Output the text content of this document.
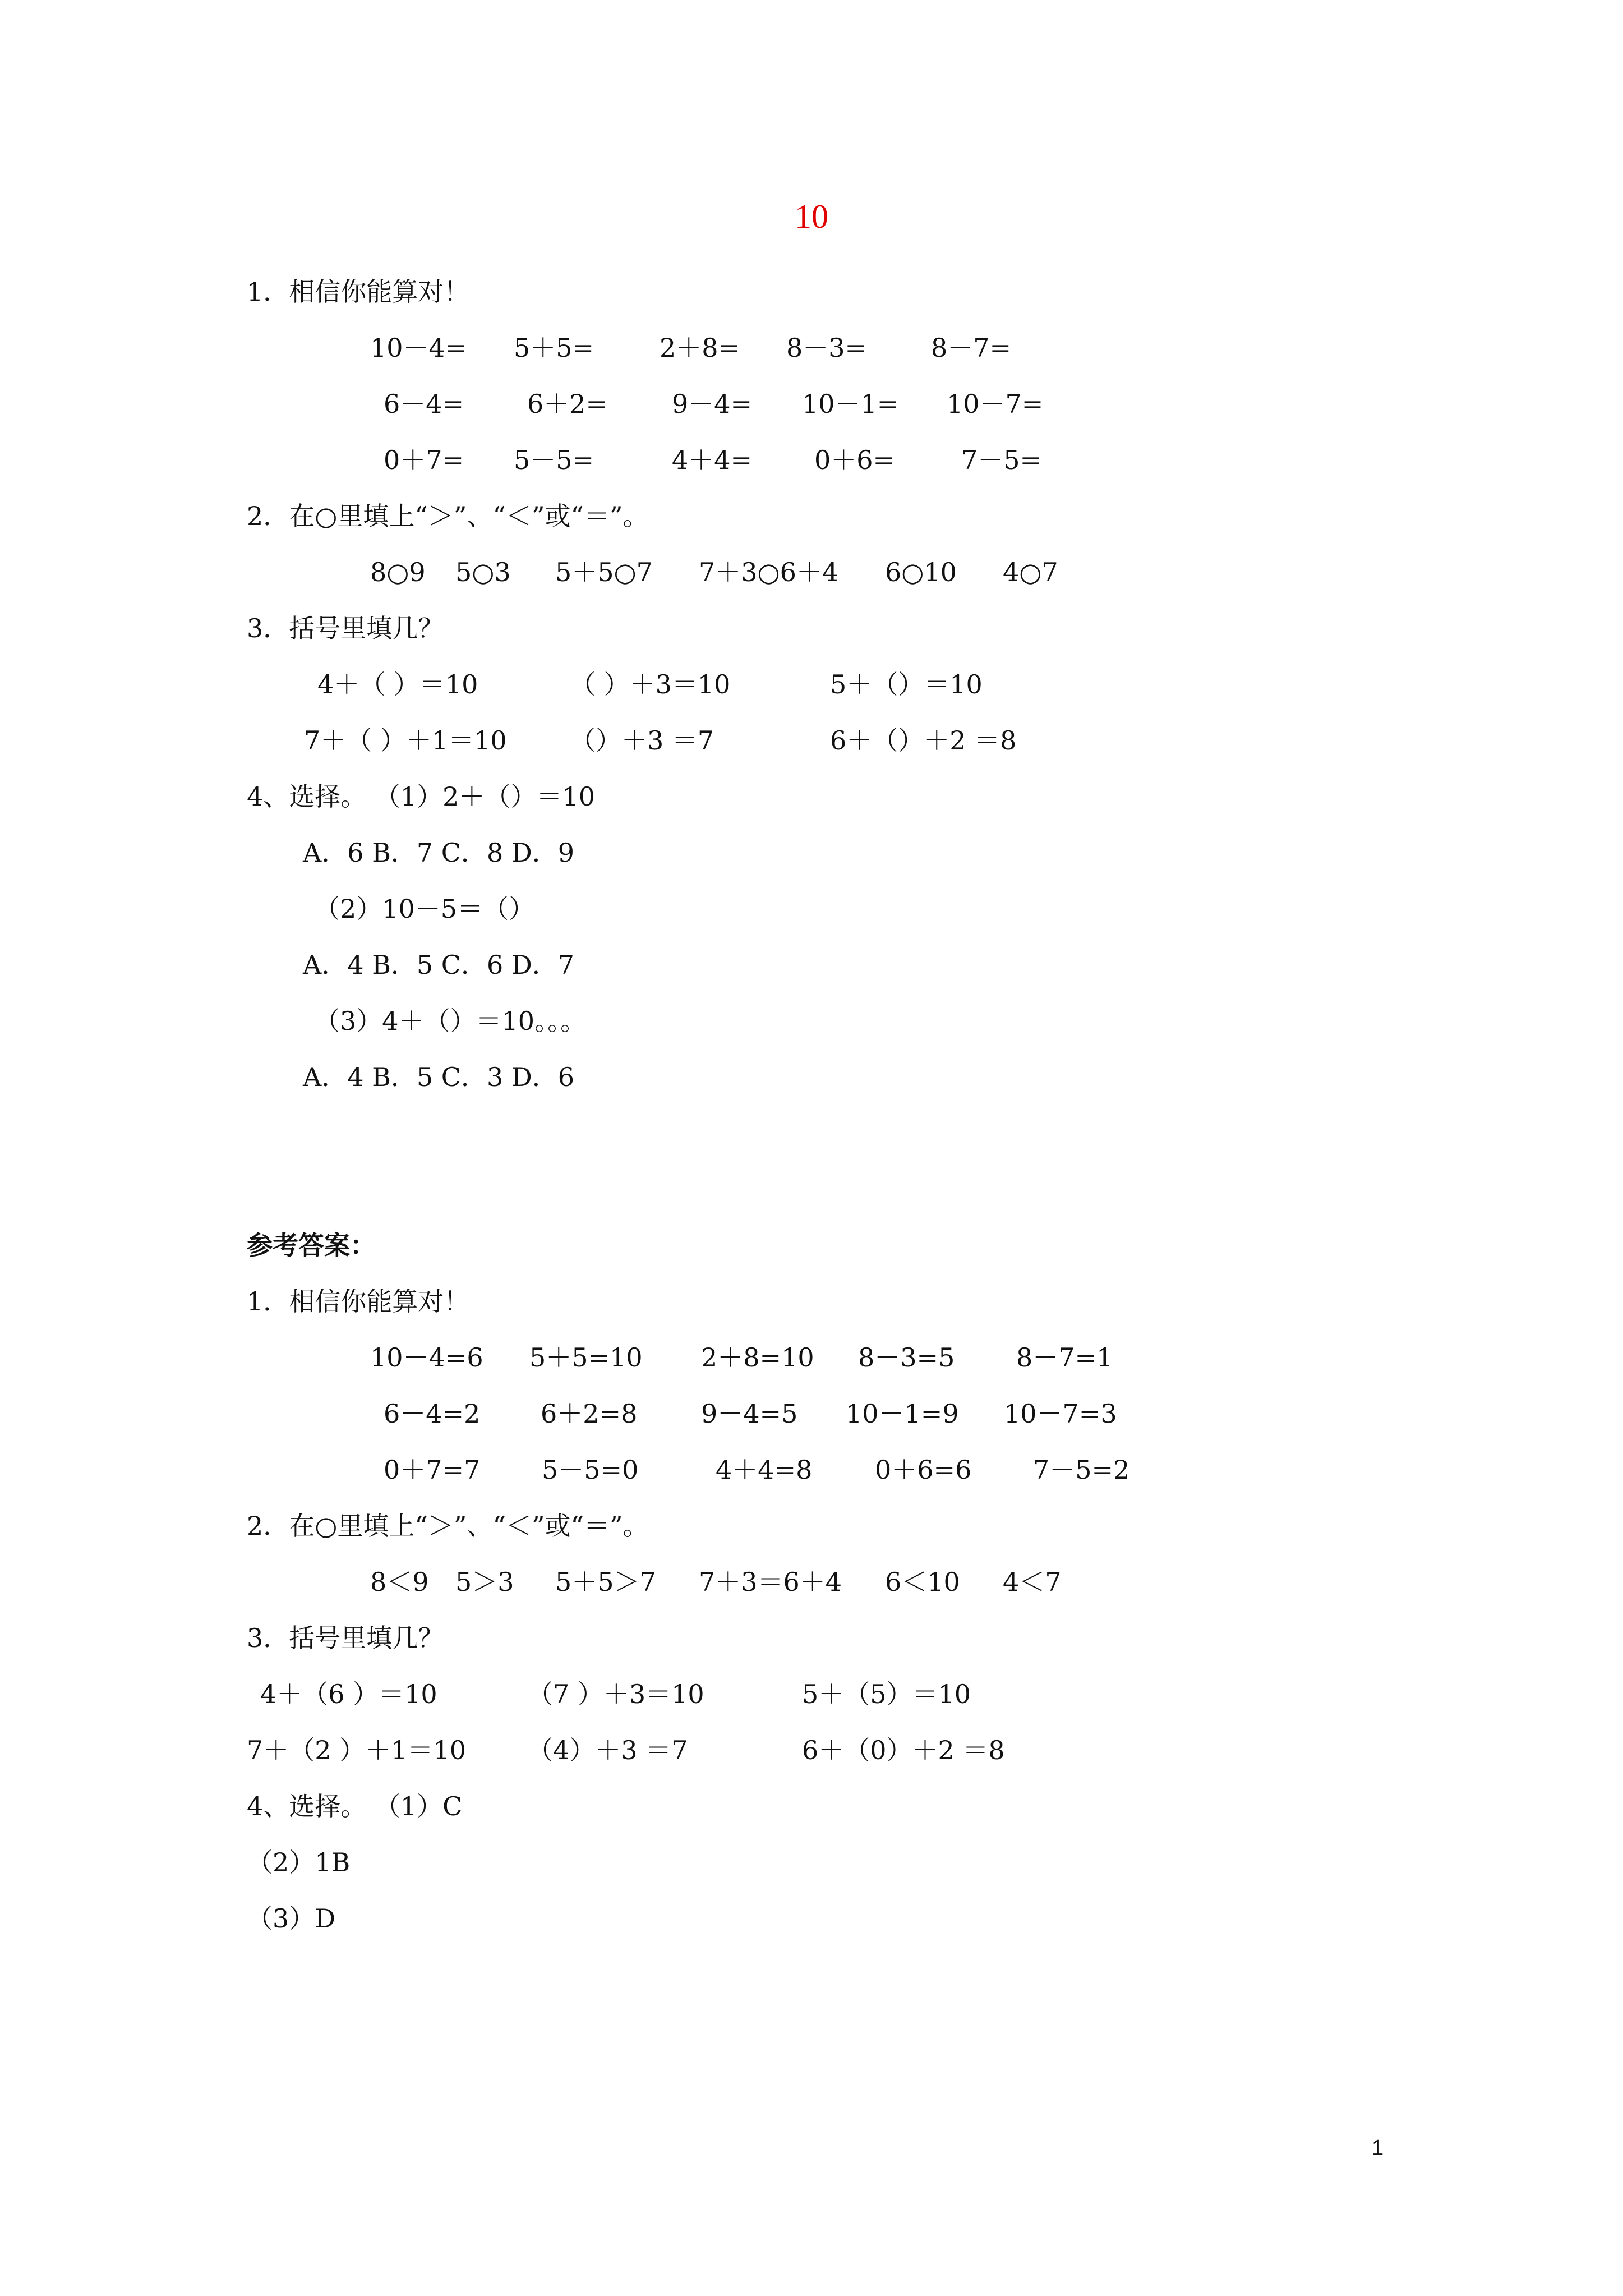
10
1．相信你能算对！
10－4= 5＋5=	2＋8= 8－3= 8－7=
6－4= 6＋2= 9－4= 10－1= 10－7=
0＋7= 5－5=	4＋4= 0＋6=	7－5=
2．在○里填上“＞”、“＜”或“＝”。
8○9 5○3 5＋5○7 7＋3○6＋4 6○10 4○7
3．括号里填几？
4＋（ ）＝10	（ ）＋3＝10	5＋（）＝10
7＋（ ）＋1＝10 （）＋3 ＝7	6＋（）＋2 ＝8
4、选择。 （1）2＋（）＝10
A．6 B．7 C．8 D．9
（2）10－5＝（）
A．4 B．5 C．6 D．7
（3）4＋（）＝10。。。
A．4 B．5 C．3 D．6
参考答案：
1．相信你能算对！
10－4=6 5＋5=10 2＋8=10 8－3=5 8－7=1
6－4=2 6＋2=8 9－4=5 10－1=9 10－7=3
0＋7=7 5－5=0	4＋4=8 0＋6=6 7－5=2
2．在○里填上“＞”、“＜”或“＝”。
8＜9 5＞3 5＋5＞7 7＋3＝6＋4 6＜10 4＜7
3．括号里填几？
4＋（6 ）＝10	（7 ）＋3＝10	5＋（5）＝10
7＋（2 ）＋1＝10 （4）＋3 ＝7	6＋（0）＋2 ＝8
4、选择。 （1）C
（2）1B
（3）D
1
